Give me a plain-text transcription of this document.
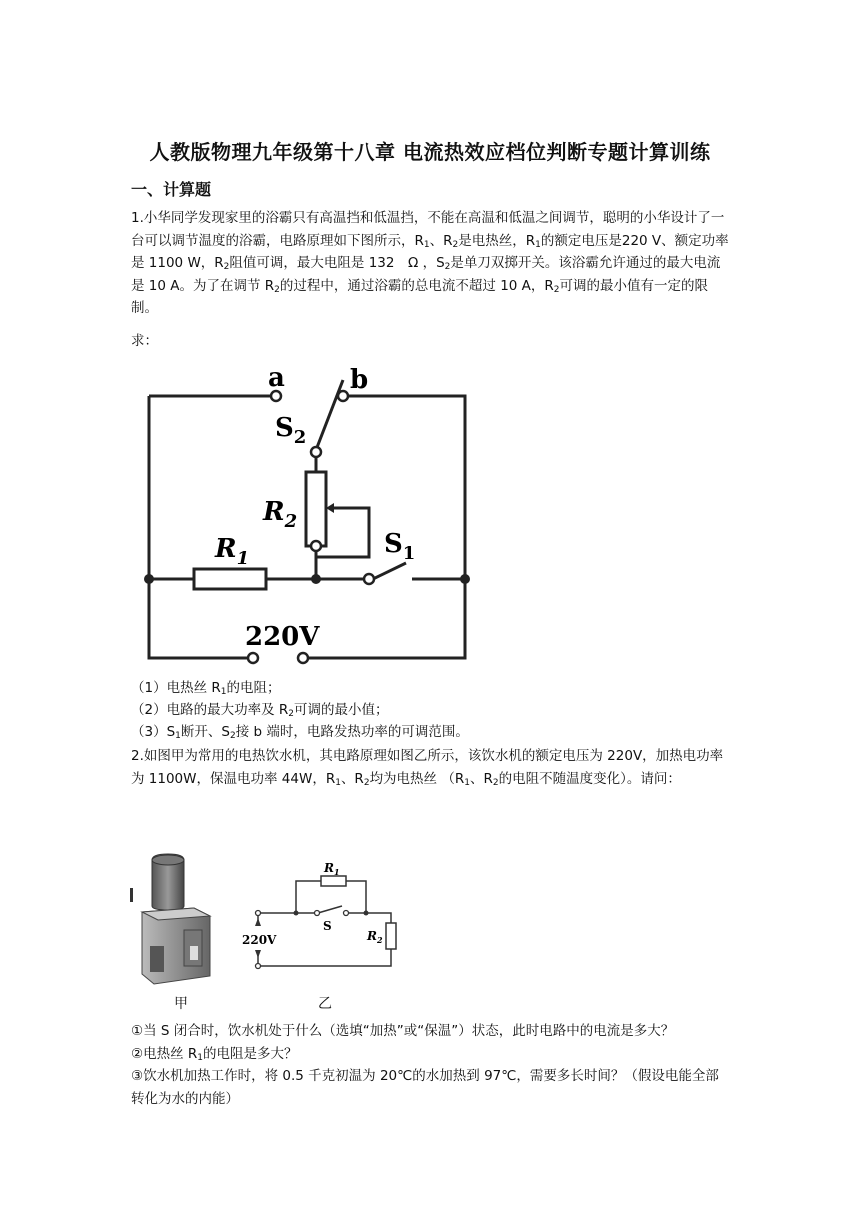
人教版物理九年级第十八章 电流热效应档位判断专题计算训练
一、计算题
1.小华同学发现家里的浴霸只有高温挡和低温挡，不能在高温和低温之间调节，聪明的小华设计了一台可以调节温度的浴霸，电路原理如下图所示，$R_1$、$R_2$是电热丝，$R_1$的额定电压是220 V、额定功率是 1100 W，$R_2$阻值可调，最大电阻是 132　Ω ，$S_2$是单刀双掷开关。该浴霸允许通过的最大电流是 10 A。为了在调节 $R_2$的过程中，通过浴霸的总电流不超过 10 A，$R_2$可调的最小值有一定的限制。
求：
a	b
$S_2$
$R_2$
$R_1$	$S_1$
220V
（1）电热丝 $R_1$的电阻；
（2）电路的最大功率及 $R_2$可调的最小值；
$(3)S_1$断开、$S_2$接 b 端时，电路发热功率的可调范围。
2.如图甲为常用的电热饮水机，其电路原理如图乙所示，该饮水机的额定电压为 220V，加热电功率为 1100W，保温电功率 44W，$R_1$、$R_2$均为电热丝 （$R_1$、$R_2$的电阻不随温度变化）。请问：
甲
$R_1$
S
$R_2$
220V
乙
①当 S 闭合时，饮水机处于什么（选填“加热”或“保温”）状态，此时电路中的电流是多大？
②电热丝 $R_1$的电阻是多大？
③饮水机加热工作时，将 0.5 千克初温为 20℃的水加热到 97℃，需要多长时间？（假设电能全部转化为水的内能）
